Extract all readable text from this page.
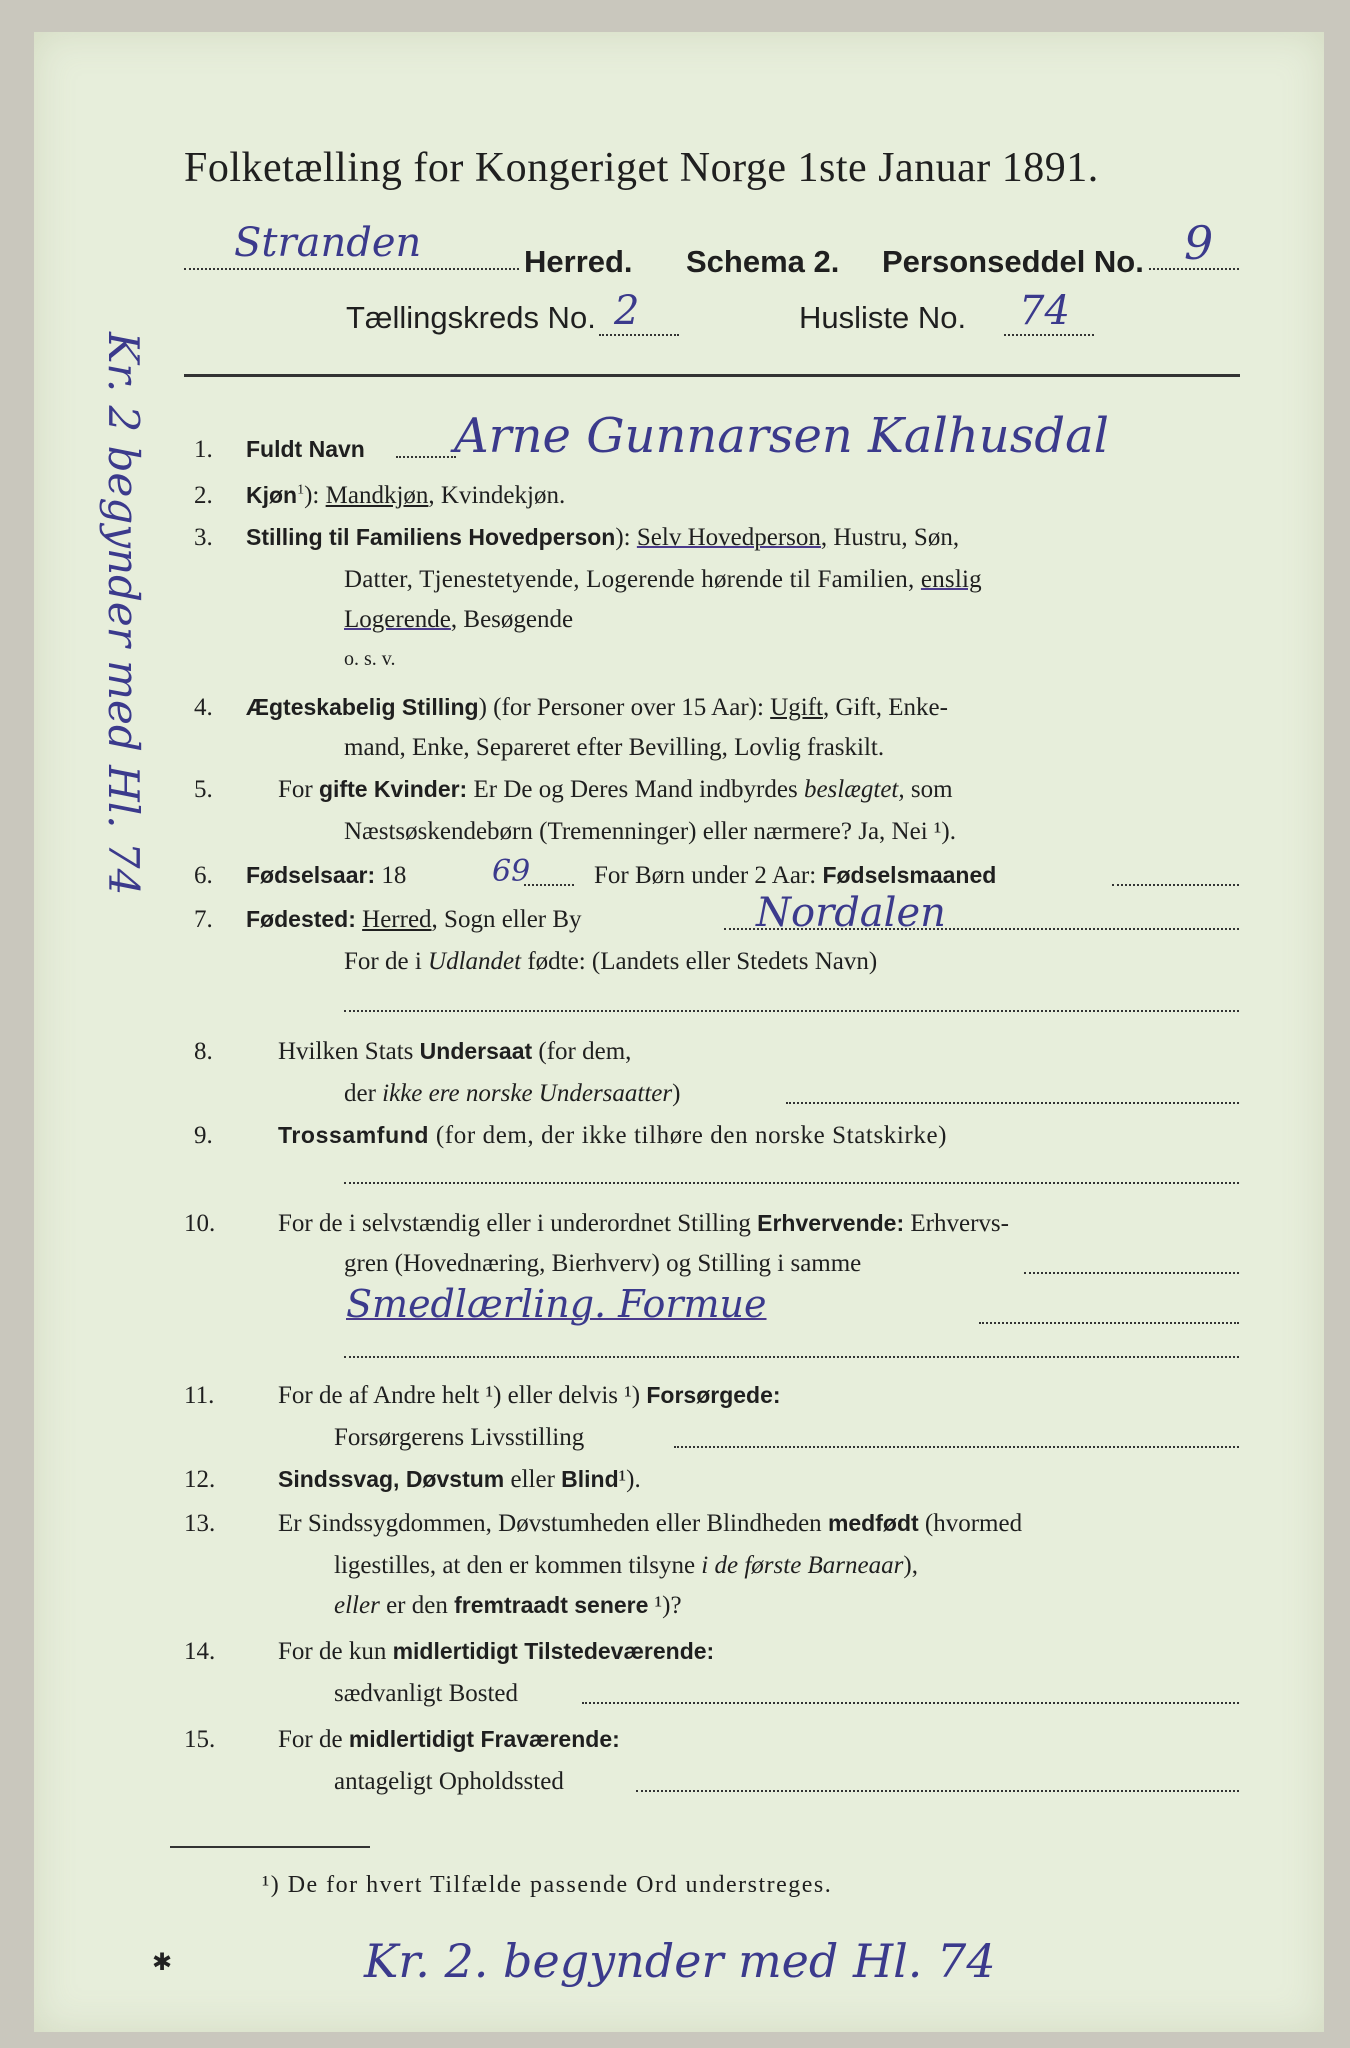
Kr. 2 begynder med Hl. 74
Folketælling for Kongeriget Norge 1ste Januar 1891.
Stranden	Herred. Schema 2. Personseddel No. 9
Tællingskreds No. 2	Husliste No. 74
1. Fuldt Navn Arne Gunnarsen Kalhusdal
2. Kjøn$^1$): Mandkjøn, Kvindekjøn.
3. Stilling til Familiens Hovedperson): Selv Hovedperson, Hustru, Søn,
Datter, Tjenestetyende, Logerende hørende til Familien, enslig
Logerende, Besøgende
o. s. v.
4. Ægteskabelig Stilling) (for Personer over 15 Aar): Ugift, Gift, Enke-
mand, Enke, Separeret efter Bevilling, Lovlig fraskilt.
5.	For gifte Kvinder: Er De og Deres Mand indbyrdes beslægtet, som
Næstsøskendebørn (Tremenninger) eller nærmere? Ja, Nei ¹).
6. Fødselsaar: 18	69	For Børn under 2 Aar: Fødselsmaaned
7. Fødested: Herred, Sogn eller By	Nordalen
For de i Udlandet fødte: (Landets eller Stedets Navn)
8.	Hvilken Stats Undersaat (for dem,
der ikke ere norske Undersaatter)
9.	Trossamfund (for dem, der ikke tilhøre den norske Statskirke)
10.	For de i selvstændig eller i underordnet Stilling Erhvervende: Erhvervs-
gren (Hovednæring, Bierhverv) og Stilling i samme
Smedlærling. Formue
11.	For de af Andre helt ¹) eller delvis ¹) Forsørgede:
Forsørgerens Livsstilling
12.	Sindssvag, Døvstum eller Blind¹).
13.	Er Sindssygdommen, Døvstumheden eller Blindheden medfødt (hvormed
ligestilles, at den er kommen tilsyne i de første Barneaar),
eller er den fremtraadt senere ¹)?
14.	For de kun midlertidigt Tilstedeværende:
sædvanligt Bosted
15.	For de midlertidigt Fraværende:
antageligt Opholdssted
¹) De for hvert Tilfælde passende Ord understreges.
Kr. 2. begynder med Hl. 74
✱
